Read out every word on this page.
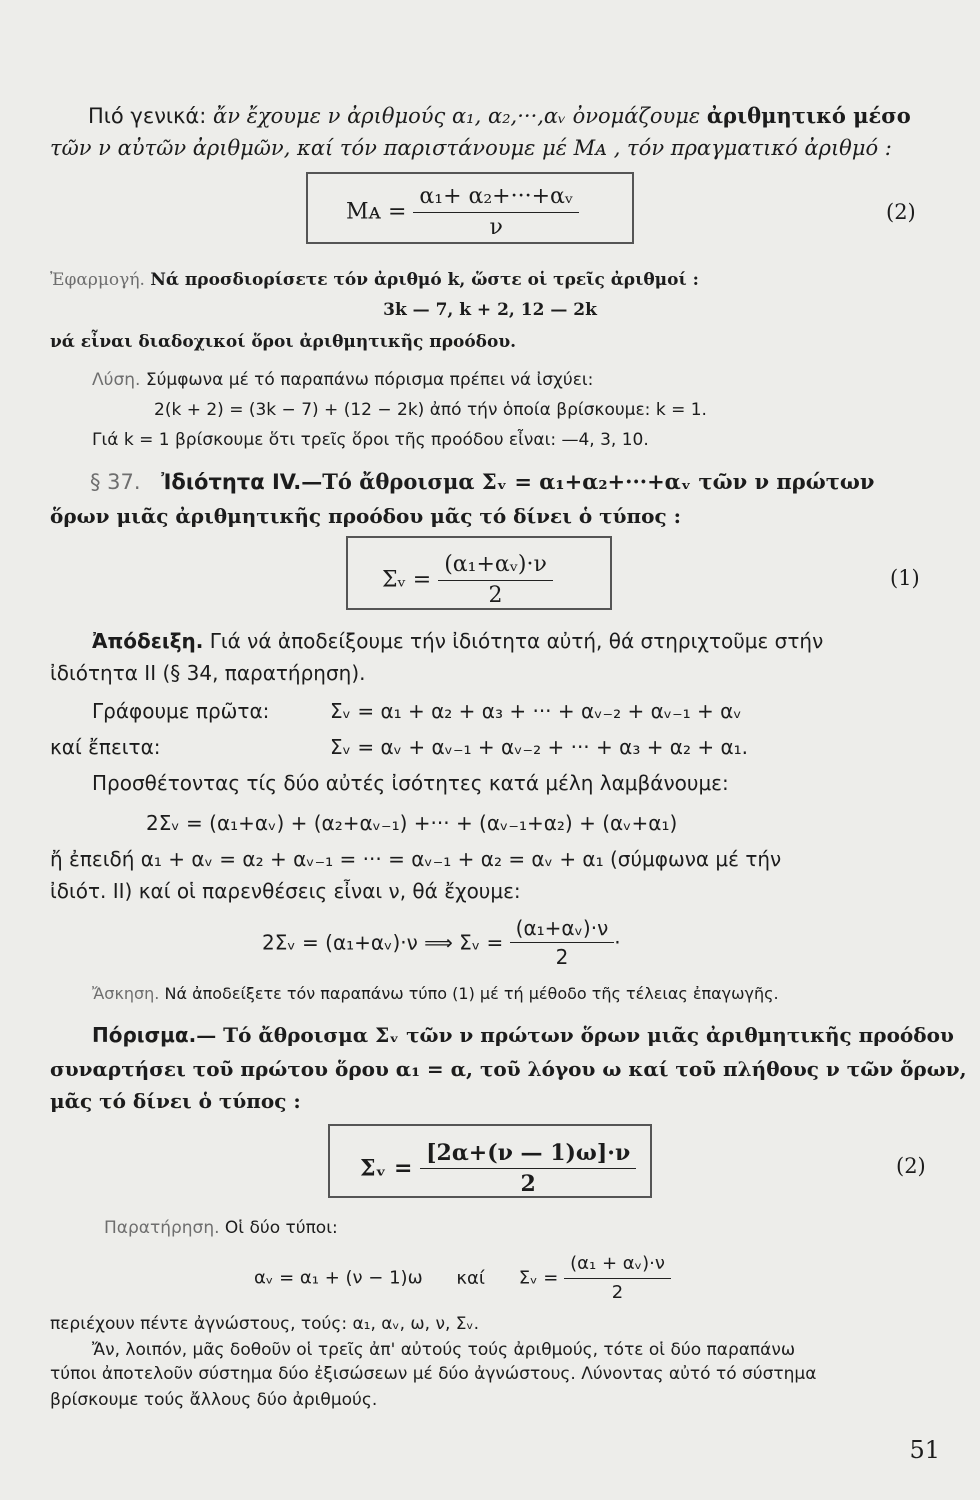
Πιό γενικά: ἄν ἔχουμε ν ἀριθμούς α₁, α₂,···,αᵥ ὀνομάζουμε ἀριθμητικό μέσο
τῶν ν αὐτῶν ἀριθμῶν, καί τόν παριστάνουμε μέ Mᴀ , τόν πραγματικό ἀριθμό :
Mᴀ = $\frac{\text{α₁+ α₂+···+αᵥ}}{\nu}$	(2)
Ἐφαρμογή. Νά προσδιορίσετε τόν ἀριθμό k, ὥστε οἱ τρεῖς ἀριθμοί :
3k — 7, k + 2, 12 — 2k
νά εἶναι διαδοχικοί ὅροι ἀριθμητικῆς προόδου.
Λύση. Σύμφωνα μέ τό παραπάνω πόρισμα πρέπει νά ἰσχύει:
2(k + 2) = (3k − 7) + (12 − 2k) ἀπό τήν ὁποία βρίσκουμε: k = 1.
Γιά k = 1 βρίσκουμε ὅτι τρεῖς ὅροι τῆς προόδου εἶναι: —4, 3, 10.
§ 37. Ἰδιότητα IV.—Τό ἄθροισμα Σᵥ = α₁+α₂+···+αᵥ τῶν ν πρώτων
ὅρων μιᾶς ἀριθμητικῆς προόδου μᾶς τό δίνει ὁ τύπος :
Σᵥ = $\frac{\text{(α₁+αᵥ)·ν}}{2}$	(1)
Ἀπόδειξη. Γιά νά ἀποδείξουμε τήν ἰδιότητα αὐτή, θά στηριχτοῦμε στήν
ἰδιότητα II (§ 34, παρατήρηση).
Γράφουμε πρῶτα:	Σᵥ = α₁ + α₂ + α₃ + ··· + αᵥ₋₂ + αᵥ₋₁ + αᵥ
καί ἔπειτα:	Σᵥ = αᵥ + αᵥ₋₁ + αᵥ₋₂ + ··· + α₃ + α₂ + α₁.
Προσθέτοντας τίς δύο αὐτές ἰσότητες κατά μέλη λαμβάνουμε:
2Σᵥ = (α₁+αᵥ) + (α₂+αᵥ₋₁) +··· + (αᵥ₋₁+α₂) + (αᵥ+α₁)
ἤ ἐπειδή α₁ + αᵥ = α₂ + αᵥ₋₁ = ··· = αᵥ₋₁ + α₂ = αᵥ + α₁ (σύμφωνα μέ τήν
ἰδιότ. II) καί οἱ παρενθέσεις εἶναι ν, θά ἔχουμε:
2Σᵥ = (α₁+αᵥ)·ν ⟹ Σᵥ = $\frac{\text{(α₁+αᵥ)·ν}}{2}$ ·
Ἄσκηση. Νά ἀποδείξετε τόν παραπάνω τύπο (1) μέ τή μέθοδο τῆς τέλειας ἐπαγωγῆς.
Πόρισμα.— Τό ἄθροισμα Σᵥ τῶν ν πρώτων ὅρων μιᾶς ἀριθμητικῆς προόδου
συναρτήσει τοῦ πρώτου ὅρου α₁ = α, τοῦ λόγου ω καί τοῦ πλήθους ν τῶν ὅρων,
μᾶς τό δίνει ὁ τύπος :
Σᵥ = $\frac{[2\alpha+(\nu — 1)\omega]\cdot\nu}{2}$	(2)
Παρατήρηση. Οἱ δύο τύποι:
αᵥ = α₁ + (ν − 1)ω καί Σᵥ = $\frac{\text{(α₁ + αᵥ)·ν}}{2}$
περιέχουν πέντε ἀγνώστους, τούς: α₁, αᵥ, ω, ν, Σᵥ.
Ἄν, λοιπόν, μᾶς δοθοῦν οἱ τρεῖς ἀπ' αὐτούς τούς ἀριθμούς, τότε οἱ δύο παραπάνω
τύποι ἀποτελοῦν σύστημα δύο ἐξισώσεων μέ δύο ἀγνώστους. Λύνοντας αὐτό τό σύστημα
βρίσκουμε τούς ἄλλους δύο ἀριθμούς.
51
